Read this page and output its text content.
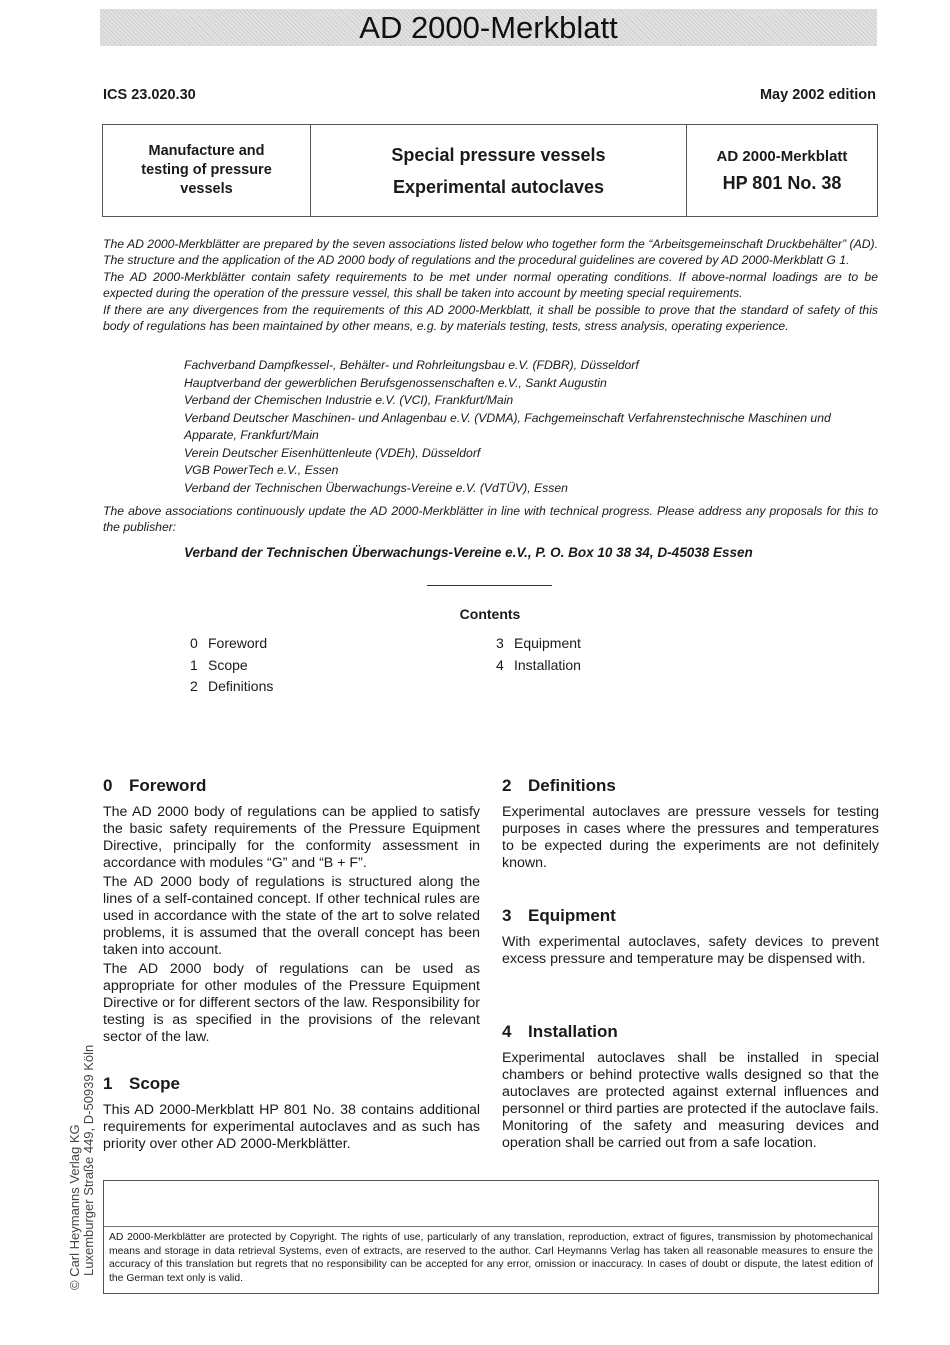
AD 2000-Merkblatt
ICS 23.020.30	May 2002 edition
Manufacture and
testing of pressure
vessels
Special pressure vessels
Experimental autoclaves
AD 2000-Merkblatt
HP 801 No. 38

The AD 2000-Merkblätter are prepared by the seven associations listed below who together form the “Arbeitsgemeinschaft Druckbehälter” (AD). The structure and the application of the AD 2000 body of regulations and the procedural guidelines are covered by AD 2000-Merkblatt G 1.

The AD 2000-Merkblätter contain safety requirements to be met under normal operating conditions. If above-normal loadings are to be expected during the operation of the pressure vessel, this shall be taken into account by meeting special requirements.

If there are any divergences from the requirements of this AD 2000-Merkblatt, it shall be possible to prove that the standard of safety of this body of regulations has been maintained by other means, e.g. by materials testing, tests, stress analysis, operating experience.

Fachverband Dampfkessel-, Behälter- und Rohrleitungsbau e.V. (FDBR), Düsseldorf
Hauptverband der gewerblichen Berufsgenossenschaften e.V., Sankt Augustin
Verband der Chemischen Industrie e.V. (VCI), Frankfurt/Main
Verband Deutscher Maschinen- und Anlagenbau e.V. (VDMA), Fachgemeinschaft Verfahrenstechnische Maschinen und Apparate, Frankfurt/Main
Verein Deutscher Eisenhüttenleute (VDEh), Düsseldorf
VGB PowerTech e.V., Essen
Verband der Technischen Überwachungs-Vereine e.V. (VdTÜV), Essen
The above associations continuously update the AD 2000-Merkblätter in line with technical progress. Please address any proposals for this to the publisher:
Verband der Technischen Überwachungs-Vereine e.V., P. O. Box 10 38 34, D-45038 Essen
Contents
0 Foreword
1 Scope
2 Definitions
3 Equipment
4 Installation
0 Foreword

The AD 2000 body of regulations can be applied to satisfy the basic safety requirements of the Pressure Equipment Directive, principally for the conformity assessment in accordance with modules “G” and “B + F”.

The AD 2000 body of regulations is structured along the lines of a self-contained concept. If other technical rules are used in accordance with the state of the art to solve related problems, it is assumed that the overall concept has been taken into account.

The AD 2000 body of regulations can be used as appropriate for other modules of the Pressure Equipment Directive or for different sectors of the law. Responsibility for testing is as specified in the provisions of the relevant sector of the law.

1 Scope

This AD 2000-Merkblatt HP 801 No. 38 contains additional requirements for experimental autoclaves and as such has priority over other AD 2000-Merkblätter.

2 Definitions

Experimental autoclaves are pressure vessels for testing purposes in cases where the pressures and temperatures to be expected during the experiments are not definitely known.

3 Equipment

With experimental autoclaves, safety devices to prevent excess pressure and temperature may be dispensed with.

4 Installation

Experimental autoclaves shall be installed in special chambers or behind protective walls designed so that the autoclaves are protected against external influences and personnel or third parties are protected if the autoclave fails. Monitoring of the safety and measuring devices and operation shall be carried out from a safe location.

© Carl Heymanns Verlag KG Luxemburger Straße 449, D-50939 Köln	AD 2000-Merkblätter are protected by Copyright. The rights of use, particularly of any translation, reproduction, extract of figures, transmission by photomechanical means and storage in data retrieval Systems, even of extracts, are reserved to the author. Carl Heymanns Verlag has taken all reasonable measures to ensure the accuracy of this translation but regrets that no responsibility can be accepted for any error, omission or inaccuracy. In cases of doubt or dispute, the latest edition of the German text only is valid.
